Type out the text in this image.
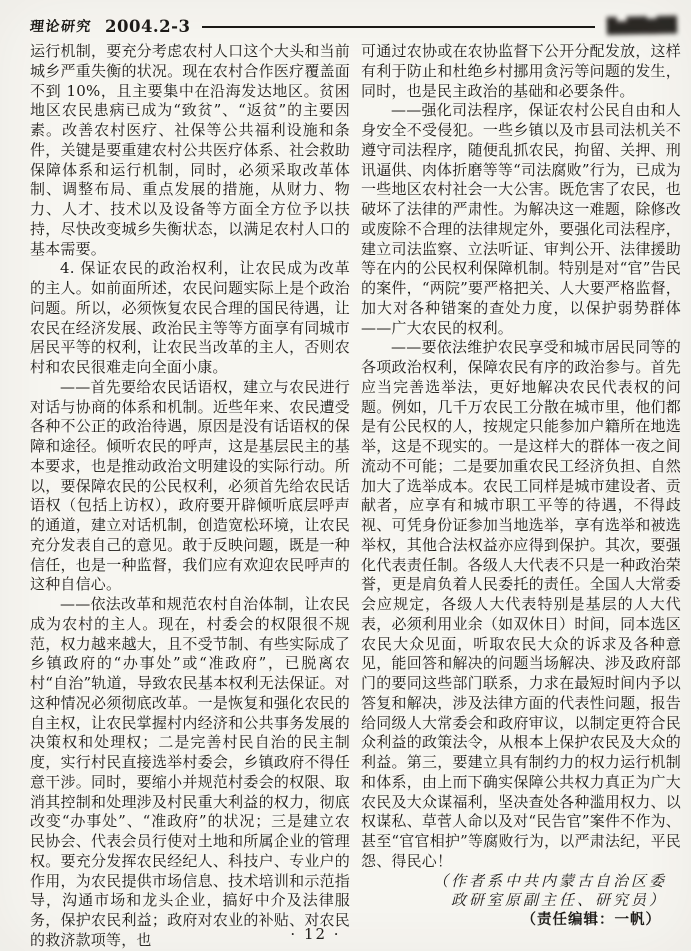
理论研究 2004.2-3	█▆██▇██

运行机制，要充分考虑农村人口这个大头和当前城乡严重失衡的状况。现在农村合作医疗覆盖面不到 10%，且主要集中在沿海发达地区。贫困地区农民患病已成为“致贫”、“返贫”的主要因素。改善农村医疗、社保等公共福利设施和条件，关键是要重建农村公共医疗体系、社会救助保障体系和运行机制，同时，必须采取改革体制、调整布局、重点发展的措施，从财力、物力、人才、技术以及设备等方面全方位予以扶持，尽快改变城乡失衡状态，以满足农村人口的基本需要。

4. 保证农民的政治权利，让农民成为改革的主人。如前面所述，农民问题实际上是个政治问题。所以，必须恢复农民合理的国民待遇，让农民在经济发展、政治民主等等方面享有同城市居民平等的权利，让农民当改革的主人，否则农村和农民很难走向全面小康。

——首先要给农民话语权，建立与农民进行对话与协商的体系和机制。近些年来、农民遭受各种不公正的政治待遇，原因是没有话语权的保障和途径。倾听农民的呼声，这是基层民主的基本要求，也是推动政治文明建设的实际行动。所以，要保障农民的公民权利，必须首先给农民话语权（包括上访权），政府要开辟倾听底层呼声的通道，建立对话机制，创造宽松环境，让农民充分发表自己的意见。敢于反映问题，既是一种信任，也是一种监督，我们应有欢迎农民呼声的这种自信心。

——依法改革和规范农村自治体制，让农民成为农村的主人。现在，村委会的权限很不规范，权力越来越大，且不受节制、有些实际成了乡镇政府的“办事处”或“准政府”，已脱离农村“自治”轨道，导致农民基本权利无法保证。对这种情况必须彻底改革。一是恢复和强化农民的自主权，让农民掌握村内经济和公共事务发展的决策权和处理权；二是完善村民自治的民主制度，实行村民直接选举村委会，乡镇政府不得任意干涉。同时，要缩小并规范村委会的权限、取消其控制和处理涉及村民重大利益的权力，彻底改变“办事处”、“准政府”的状况；三是建立农民协会、代表会员行使对土地和所属企业的管理权。要充分发挥农民经纪人、科技户、专业户的作用，为农民提供市场信息、技术培训和示范指导，沟通市场和龙头企业，搞好中介及法律服务，保护农民利益；政府对农业的补贴、对农民的救济款项等，也

可通过农协或在农协监督下公开分配发放，这样有利于防止和杜绝乡村挪用贪污等问题的发生，同时，也是民主政治的基础和必要条件。

——强化司法程序，保证农村公民自由和人身安全不受侵犯。一些乡镇以及市县司法机关不遵守司法程序，随便乱抓农民，拘留、关押、刑讯逼供、肉体折磨等等“司法腐败”行为，已成为一些地区农村社会一大公害。既危害了农民，也破坏了法律的严肃性。为解决这一难题，除修改或废除不合理的法律规定外，要强化司法程序，建立司法监察、立法听证、审判公开、法律援助等在内的公民权利保障机制。特别是对“官”告民的案件，“两院”要严格把关、人大要严格监督，加大对各种错案的查处力度，以保护弱势群体——广大农民的权利。

——要依法维护农民享受和城市居民同等的各项政治权利，保障农民有序的政治参与。首先应当完善选举法，更好地解决农民代表权的问题。例如，几千万农民工分散在城市里，他们都是有公民权的人，按规定只能参加户籍所在地选举，这是不现实的。一是这样大的群体一夜之间流动不可能；二是要加重农民工经济负担、自然加大了选举成本。农民工同样是城市建设者、贡献者，应享有和城市职工平等的待遇，不得歧视、可凭身份证参加当地选举，享有选举和被选举权，其他合法权益亦应得到保护。其次，要强化代表责任制。各级人大代表不只是一种政治荣誉，更是肩负着人民委托的责任。全国人大常委会应规定，各级人大代表特别是基层的人大代表，必须利用业余（如双休日）时间，同本选区农民大众见面，听取农民大众的诉求及各种意见，能回答和解决的问题当场解决、涉及政府部门的要同这些部门联系，力求在最短时间内予以答复和解决，涉及法律方面的代表性问题，报告给同级人大常委会和政府审议，以制定更符合民众利益的政策法令，从根本上保护农民及大众的利益。第三，要建立具有制约力的权力运行机制和体系，由上而下确实保障公共权力真正为广大农民及大众谋福利，坚决查处各种滥用权力、以权谋私、草菅人命以及对“民告官”案件不作为、甚至“官官相护”等腐败行为，以严肃法纪，平民怨、得民心！

（作者系中共内蒙古自治区委

政研室原副主任、研究员）

（责任编辑：一帆）

· 12 ·
